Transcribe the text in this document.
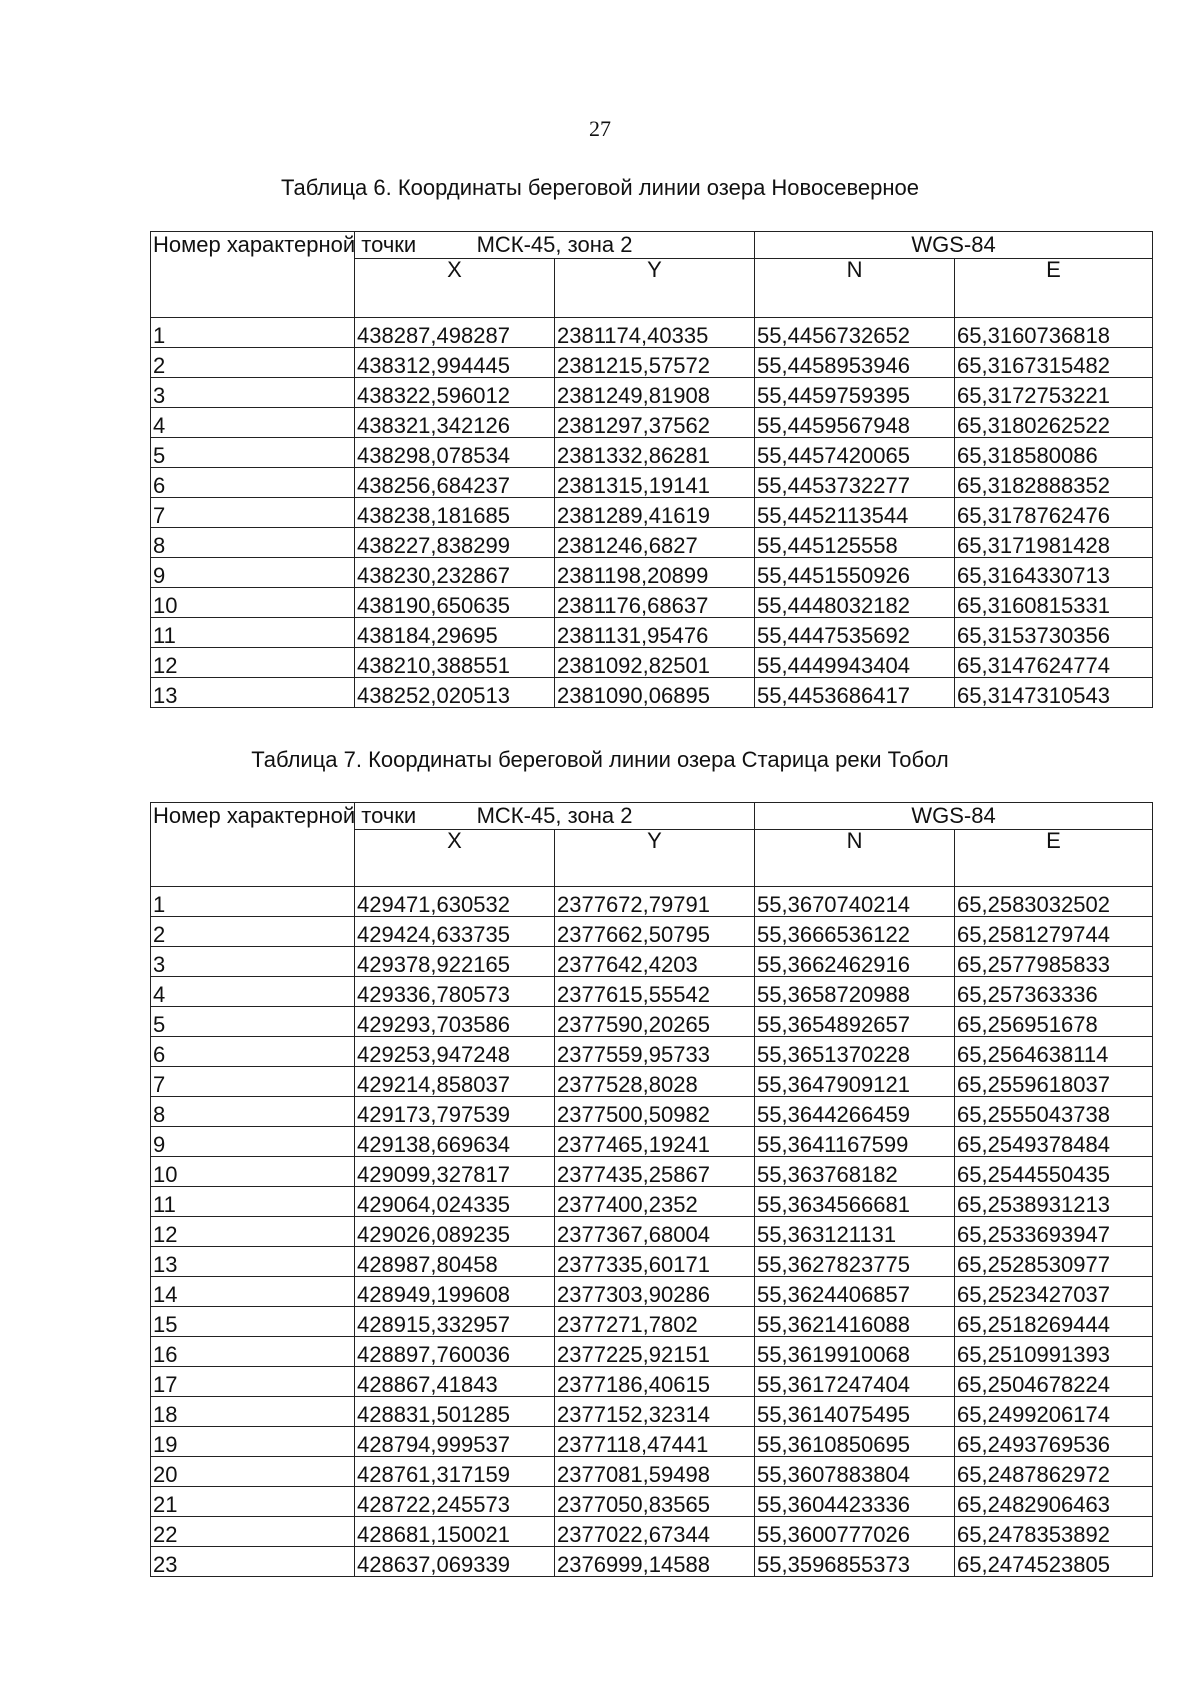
27
Таблица 6. Координаты береговой линии озера Новосеверное
Номер характерной точки	МСК-45, зона 2		WGS-84	
	X	Y	N	E
1	438287,498287	2381174,40335	55,4456732652	65,3160736818
2	438312,994445	2381215,57572	55,4458953946	65,3167315482
3	438322,596012	2381249,81908	55,4459759395	65,3172753221
4	438321,342126	2381297,37562	55,4459567948	65,3180262522
5	438298,078534	2381332,86281	55,4457420065	65,318580086
6	438256,684237	2381315,19141	55,4453732277	65,3182888352
7	438238,181685	2381289,41619	55,4452113544	65,3178762476
8	438227,838299	2381246,6827	55,445125558	65,3171981428
9	438230,232867	2381198,20899	55,4451550926	65,3164330713
10	438190,650635	2381176,68637	55,4448032182	65,3160815331
11	438184,29695	2381131,95476	55,4447535692	65,3153730356
12	438210,388551	2381092,82501	55,4449943404	65,3147624774
13	438252,020513	2381090,06895	55,4453686417	65,3147310543
Таблица 7. Координаты береговой линии озера Старица реки Тобол
Номер характерной точки	МСК-45, зона 2		WGS-84	
	X	Y	N	E
1	429471,630532	2377672,79791	55,3670740214	65,2583032502
2	429424,633735	2377662,50795	55,3666536122	65,2581279744
3	429378,922165	2377642,4203	55,3662462916	65,2577985833
4	429336,780573	2377615,55542	55,3658720988	65,257363336
5	429293,703586	2377590,20265	55,3654892657	65,256951678
6	429253,947248	2377559,95733	55,3651370228	65,2564638114
7	429214,858037	2377528,8028	55,3647909121	65,2559618037
8	429173,797539	2377500,50982	55,3644266459	65,2555043738
9	429138,669634	2377465,19241	55,3641167599	65,2549378484
10	429099,327817	2377435,25867	55,363768182	65,2544550435
11	429064,024335	2377400,2352	55,3634566681	65,2538931213
12	429026,089235	2377367,68004	55,363121131	65,2533693947
13	428987,80458	2377335,60171	55,3627823775	65,2528530977
14	428949,199608	2377303,90286	55,3624406857	65,2523427037
15	428915,332957	2377271,7802	55,3621416088	65,2518269444
16	428897,760036	2377225,92151	55,3619910068	65,2510991393
17	428867,41843	2377186,40615	55,3617247404	65,2504678224
18	428831,501285	2377152,32314	55,3614075495	65,2499206174
19	428794,999537	2377118,47441	55,3610850695	65,2493769536
20	428761,317159	2377081,59498	55,3607883804	65,2487862972
21	428722,245573	2377050,83565	55,3604423336	65,2482906463
22	428681,150021	2377022,67344	55,3600777026	65,2478353892
23	428637,069339	2376999,14588	55,3596855373	65,2474523805
